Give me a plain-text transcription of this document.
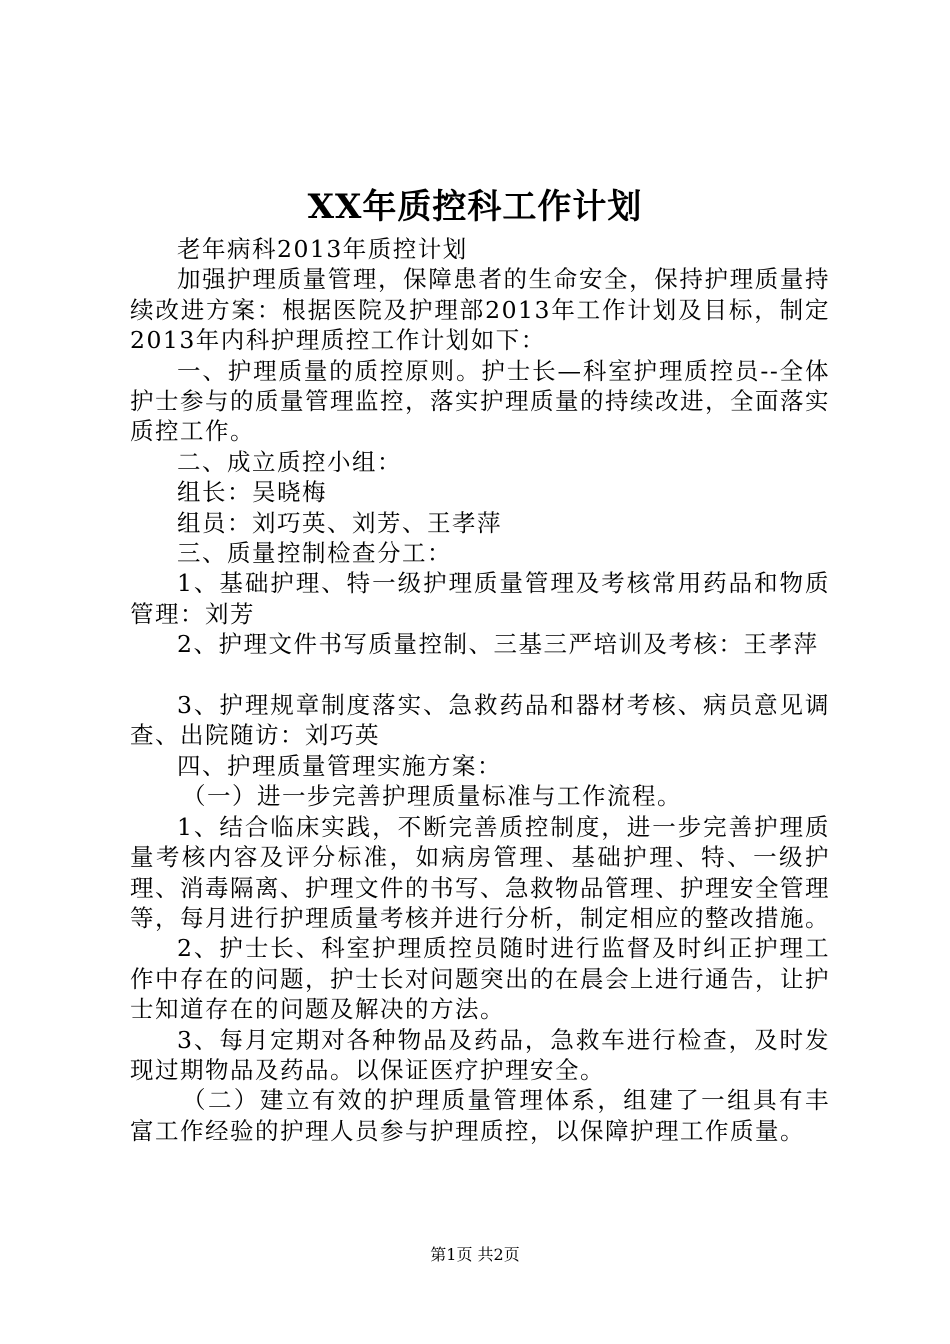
XX年质控科工作计划

老年病科2013年质控计划

加强护理质量管理，保障患者的生命安全，保持护理质量持续改进方案：根据医院及护理部2013年工作计划及目标，制定2013年内科护理质控工作计划如下：

一、护理质量的质控原则。护士长—科室护理质控员--全体护士参与的质量管理监控，落实护理质量的持续改进，全面落实质控工作。

二、成立质控小组：

组长：吴晓梅

组员：刘巧英、刘芳、王孝萍

三、质量控制检查分工：

1、基础护理、特一级护理质量管理及考核常用药品和物质管理：刘芳

2、护理文件书写质量控制、三基三严培训及考核：王孝萍

3、护理规章制度落实、急救药品和器材考核、病员意见调查、出院随访：刘巧英

四、护理质量管理实施方案：

（一）进一步完善护理质量标准与工作流程。

1、结合临床实践，不断完善质控制度，进一步完善护理质量考核内容及评分标准，如病房管理、基础护理、特、一级护理、消毒隔离、护理文件的书写、急救物品管理、护理安全管理等，每月进行护理质量考核并进行分析，制定相应的整改措施。

2、护士长、科室护理质控员随时进行监督及时纠正护理工作中存在的问题，护士长对问题突出的在晨会上进行通告，让护士知道存在的问题及解决的方法。

3、每月定期对各种物品及药品，急救车进行检查，及时发现过期物品及药品。以保证医疗护理安全。

（二）建立有效的护理质量管理体系，组建了一组具有丰富工作经验的护理人员参与护理质控，以保障护理工作质量。

第1页 共2页
